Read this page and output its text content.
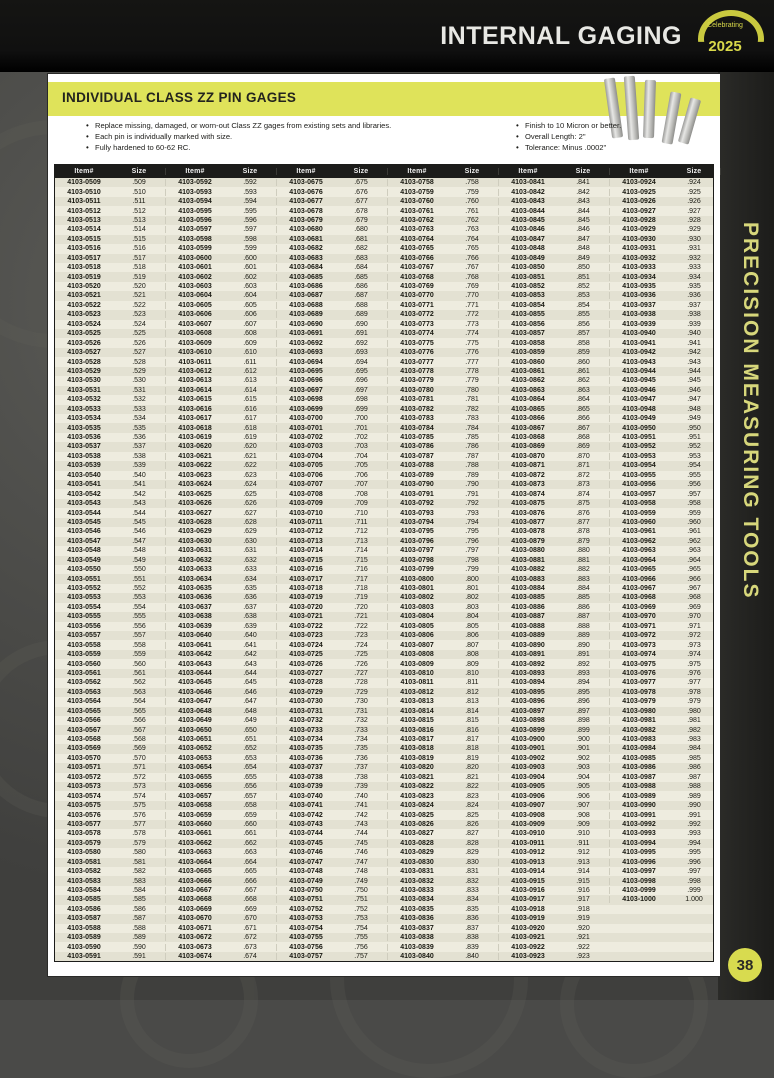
INTERNAL GAGING	Celebrating
2025
PRECISION MEASURING TOOLS
38
INDIVIDUAL CLASS ZZ PIN GAGES
• Replace missing, damaged, or worn-out Class ZZ gages from existing sets and libraries.
• Each pin is individually marked with size.
• Fully hardened to 60-62 RC.
• Finish to 10 Micron or better.
• Overall Length: 2"
• Tolerance: Minus .0002"
Item#	Size	Item#	Size	Item#	Size	Item#	Size	Item#	Size	Item#	Size
4103-0509	.509	4103-0592	.592	4103-0675	.675	4103-0758	.758	4103-0841	.841	4103-0924	.924
4103-0510	.510	4103-0593	.593	4103-0676	.676	4103-0759	.759	4103-0842	.842	4103-0925	.925
4103-0511	.511	4103-0594	.594	4103-0677	.677	4103-0760	.760	4103-0843	.843	4103-0926	.926
4103-0512	.512	4103-0595	.595	4103-0678	.678	4103-0761	.761	4103-0844	.844	4103-0927	.927
4103-0513	.513	4103-0596	.596	4103-0679	.679	4103-0762	.762	4103-0845	.845	4103-0928	.928
4103-0514	.514	4103-0597	.597	4103-0680	.680	4103-0763	.763	4103-0846	.846	4103-0929	.929
4103-0515	.515	4103-0598	.598	4103-0681	.681	4103-0764	.764	4103-0847	.847	4103-0930	.930
4103-0516	.516	4103-0599	.599	4103-0682	.682	4103-0765	.765	4103-0848	.848	4103-0931	.931
4103-0517	.517	4103-0600	.600	4103-0683	.683	4103-0766	.766	4103-0849	.849	4103-0932	.932
4103-0518	.518	4103-0601	.601	4103-0684	.684	4103-0767	.767	4103-0850	.850	4103-0933	.933
4103-0519	.519	4103-0602	.602	4103-0685	.685	4103-0768	.768	4103-0851	.851	4103-0934	.934
4103-0520	.520	4103-0603	.603	4103-0686	.686	4103-0769	.769	4103-0852	.852	4103-0935	.935
4103-0521	.521	4103-0604	.604	4103-0687	.687	4103-0770	.770	4103-0853	.853	4103-0936	.936
4103-0522	.522	4103-0605	.605	4103-0688	.688	4103-0771	.771	4103-0854	.854	4103-0937	.937
4103-0523	.523	4103-0606	.606	4103-0689	.689	4103-0772	.772	4103-0855	.855	4103-0938	.938
4103-0524	.524	4103-0607	.607	4103-0690	.690	4103-0773	.773	4103-0856	.856	4103-0939	.939
4103-0525	.525	4103-0608	.608	4103-0691	.691	4103-0774	.774	4103-0857	.857	4103-0940	.940
4103-0526	.526	4103-0609	.609	4103-0692	.692	4103-0775	.775	4103-0858	.858	4103-0941	.941
4103-0527	.527	4103-0610	.610	4103-0693	.693	4103-0776	.776	4103-0859	.859	4103-0942	.942
4103-0528	.528	4103-0611	.611	4103-0694	.694	4103-0777	.777	4103-0860	.860	4103-0943	.943
4103-0529	.529	4103-0612	.612	4103-0695	.695	4103-0778	.778	4103-0861	.861	4103-0944	.944
4103-0530	.530	4103-0613	.613	4103-0696	.696	4103-0779	.779	4103-0862	.862	4103-0945	.945
4103-0531	.531	4103-0614	.614	4103-0697	.697	4103-0780	.780	4103-0863	.863	4103-0946	.946
4103-0532	.532	4103-0615	.615	4103-0698	.698	4103-0781	.781	4103-0864	.864	4103-0947	.947
4103-0533	.533	4103-0616	.616	4103-0699	.699	4103-0782	.782	4103-0865	.865	4103-0948	.948
4103-0534	.534	4103-0617	.617	4103-0700	.700	4103-0783	.783	4103-0866	.866	4103-0949	.949
4103-0535	.535	4103-0618	.618	4103-0701	.701	4103-0784	.784	4103-0867	.867	4103-0950	.950
4103-0536	.536	4103-0619	.619	4103-0702	.702	4103-0785	.785	4103-0868	.868	4103-0951	.951
4103-0537	.537	4103-0620	.620	4103-0703	.703	4103-0786	.786	4103-0869	.869	4103-0952	.952
4103-0538	.538	4103-0621	.621	4103-0704	.704	4103-0787	.787	4103-0870	.870	4103-0953	.953
4103-0539	.539	4103-0622	.622	4103-0705	.705	4103-0788	.788	4103-0871	.871	4103-0954	.954
4103-0540	.540	4103-0623	.623	4103-0706	.706	4103-0789	.789	4103-0872	.872	4103-0955	.955
4103-0541	.541	4103-0624	.624	4103-0707	.707	4103-0790	.790	4103-0873	.873	4103-0956	.956
4103-0542	.542	4103-0625	.625	4103-0708	.708	4103-0791	.791	4103-0874	.874	4103-0957	.957
4103-0543	.543	4103-0626	.626	4103-0709	.709	4103-0792	.792	4103-0875	.875	4103-0958	.958
4103-0544	.544	4103-0627	.627	4103-0710	.710	4103-0793	.793	4103-0876	.876	4103-0959	.959
4103-0545	.545	4103-0628	.628	4103-0711	.711	4103-0794	.794	4103-0877	.877	4103-0960	.960
4103-0546	.546	4103-0629	.629	4103-0712	.712	4103-0795	.795	4103-0878	.878	4103-0961	.961
4103-0547	.547	4103-0630	.630	4103-0713	.713	4103-0796	.796	4103-0879	.879	4103-0962	.962
4103-0548	.548	4103-0631	.631	4103-0714	.714	4103-0797	.797	4103-0880	.880	4103-0963	.963
4103-0549	.549	4103-0632	.632	4103-0715	.715	4103-0798	.798	4103-0881	.881	4103-0964	.964
4103-0550	.550	4103-0633	.633	4103-0716	.716	4103-0799	.799	4103-0882	.882	4103-0965	.965
4103-0551	.551	4103-0634	.634	4103-0717	.717	4103-0800	.800	4103-0883	.883	4103-0966	.966
4103-0552	.552	4103-0635	.635	4103-0718	.718	4103-0801	.801	4103-0884	.884	4103-0967	.967
4103-0553	.553	4103-0636	.636	4103-0719	.719	4103-0802	.802	4103-0885	.885	4103-0968	.968
4103-0554	.554	4103-0637	.637	4103-0720	.720	4103-0803	.803	4103-0886	.886	4103-0969	.969
4103-0555	.555	4103-0638	.638	4103-0721	.721	4103-0804	.804	4103-0887	.887	4103-0970	.970
4103-0556	.556	4103-0639	.639	4103-0722	.722	4103-0805	.805	4103-0888	.888	4103-0971	.971
4103-0557	.557	4103-0640	.640	4103-0723	.723	4103-0806	.806	4103-0889	.889	4103-0972	.972
4103-0558	.558	4103-0641	.641	4103-0724	.724	4103-0807	.807	4103-0890	.890	4103-0973	.973
4103-0559	.559	4103-0642	.642	4103-0725	.725	4103-0808	.808	4103-0891	.891	4103-0974	.974
4103-0560	.560	4103-0643	.643	4103-0726	.726	4103-0809	.809	4103-0892	.892	4103-0975	.975
4103-0561	.561	4103-0644	.644	4103-0727	.727	4103-0810	.810	4103-0893	.893	4103-0976	.976
4103-0562	.562	4103-0645	.645	4103-0728	.728	4103-0811	.811	4103-0894	.894	4103-0977	.977
4103-0563	.563	4103-0646	.646	4103-0729	.729	4103-0812	.812	4103-0895	.895	4103-0978	.978
4103-0564	.564	4103-0647	.647	4103-0730	.730	4103-0813	.813	4103-0896	.896	4103-0979	.979
4103-0565	.565	4103-0648	.648	4103-0731	.731	4103-0814	.814	4103-0897	.897	4103-0980	.980
4103-0566	.566	4103-0649	.649	4103-0732	.732	4103-0815	.815	4103-0898	.898	4103-0981	.981
4103-0567	.567	4103-0650	.650	4103-0733	.733	4103-0816	.816	4103-0899	.899	4103-0982	.982
4103-0568	.568	4103-0651	.651	4103-0734	.734	4103-0817	.817	4103-0900	.900	4103-0983	.983
4103-0569	.569	4103-0652	.652	4103-0735	.735	4103-0818	.818	4103-0901	.901	4103-0984	.984
4103-0570	.570	4103-0653	.653	4103-0736	.736	4103-0819	.819	4103-0902	.902	4103-0985	.985
4103-0571	.571	4103-0654	.654	4103-0737	.737	4103-0820	.820	4103-0903	.903	4103-0986	.986
4103-0572	.572	4103-0655	.655	4103-0738	.738	4103-0821	.821	4103-0904	.904	4103-0987	.987
4103-0573	.573	4103-0656	.656	4103-0739	.739	4103-0822	.822	4103-0905	.905	4103-0988	.988
4103-0574	.574	4103-0657	.657	4103-0740	.740	4103-0823	.823	4103-0906	.906	4103-0989	.989
4103-0575	.575	4103-0658	.658	4103-0741	.741	4103-0824	.824	4103-0907	.907	4103-0990	.990
4103-0576	.576	4103-0659	.659	4103-0742	.742	4103-0825	.825	4103-0908	.908	4103-0991	.991
4103-0577	.577	4103-0660	.660	4103-0743	.743	4103-0826	.826	4103-0909	.909	4103-0992	.992
4103-0578	.578	4103-0661	.661	4103-0744	.744	4103-0827	.827	4103-0910	.910	4103-0993	.993
4103-0579	.579	4103-0662	.662	4103-0745	.745	4103-0828	.828	4103-0911	.911	4103-0994	.994
4103-0580	.580	4103-0663	.663	4103-0746	.746	4103-0829	.829	4103-0912	.912	4103-0995	.995
4103-0581	.581	4103-0664	.664	4103-0747	.747	4103-0830	.830	4103-0913	.913	4103-0996	.996
4103-0582	.582	4103-0665	.665	4103-0748	.748	4103-0831	.831	4103-0914	.914	4103-0997	.997
4103-0583	.583	4103-0666	.666	4103-0749	.749	4103-0832	.832	4103-0915	.915	4103-0998	.998
4103-0584	.584	4103-0667	.667	4103-0750	.750	4103-0833	.833	4103-0916	.916	4103-0999	.999
4103-0585	.585	4103-0668	.668	4103-0751	.751	4103-0834	.834	4103-0917	.917	4103-1000	1.000
4103-0586	.586	4103-0669	.669	4103-0752	.752	4103-0835	.835	4103-0918	.918
4103-0587	.587	4103-0670	.670	4103-0753	.753	4103-0836	.836	4103-0919	.919
4103-0588	.588	4103-0671	.671	4103-0754	.754	4103-0837	.837	4103-0920	.920
4103-0589	.589	4103-0672	.672	4103-0755	.755	4103-0838	.838	4103-0921	.921
4103-0590	.590	4103-0673	.673	4103-0756	.756	4103-0839	.839	4103-0922	.922
4103-0591	.591	4103-0674	.674	4103-0757	.757	4103-0840	.840	4103-0923	.923
